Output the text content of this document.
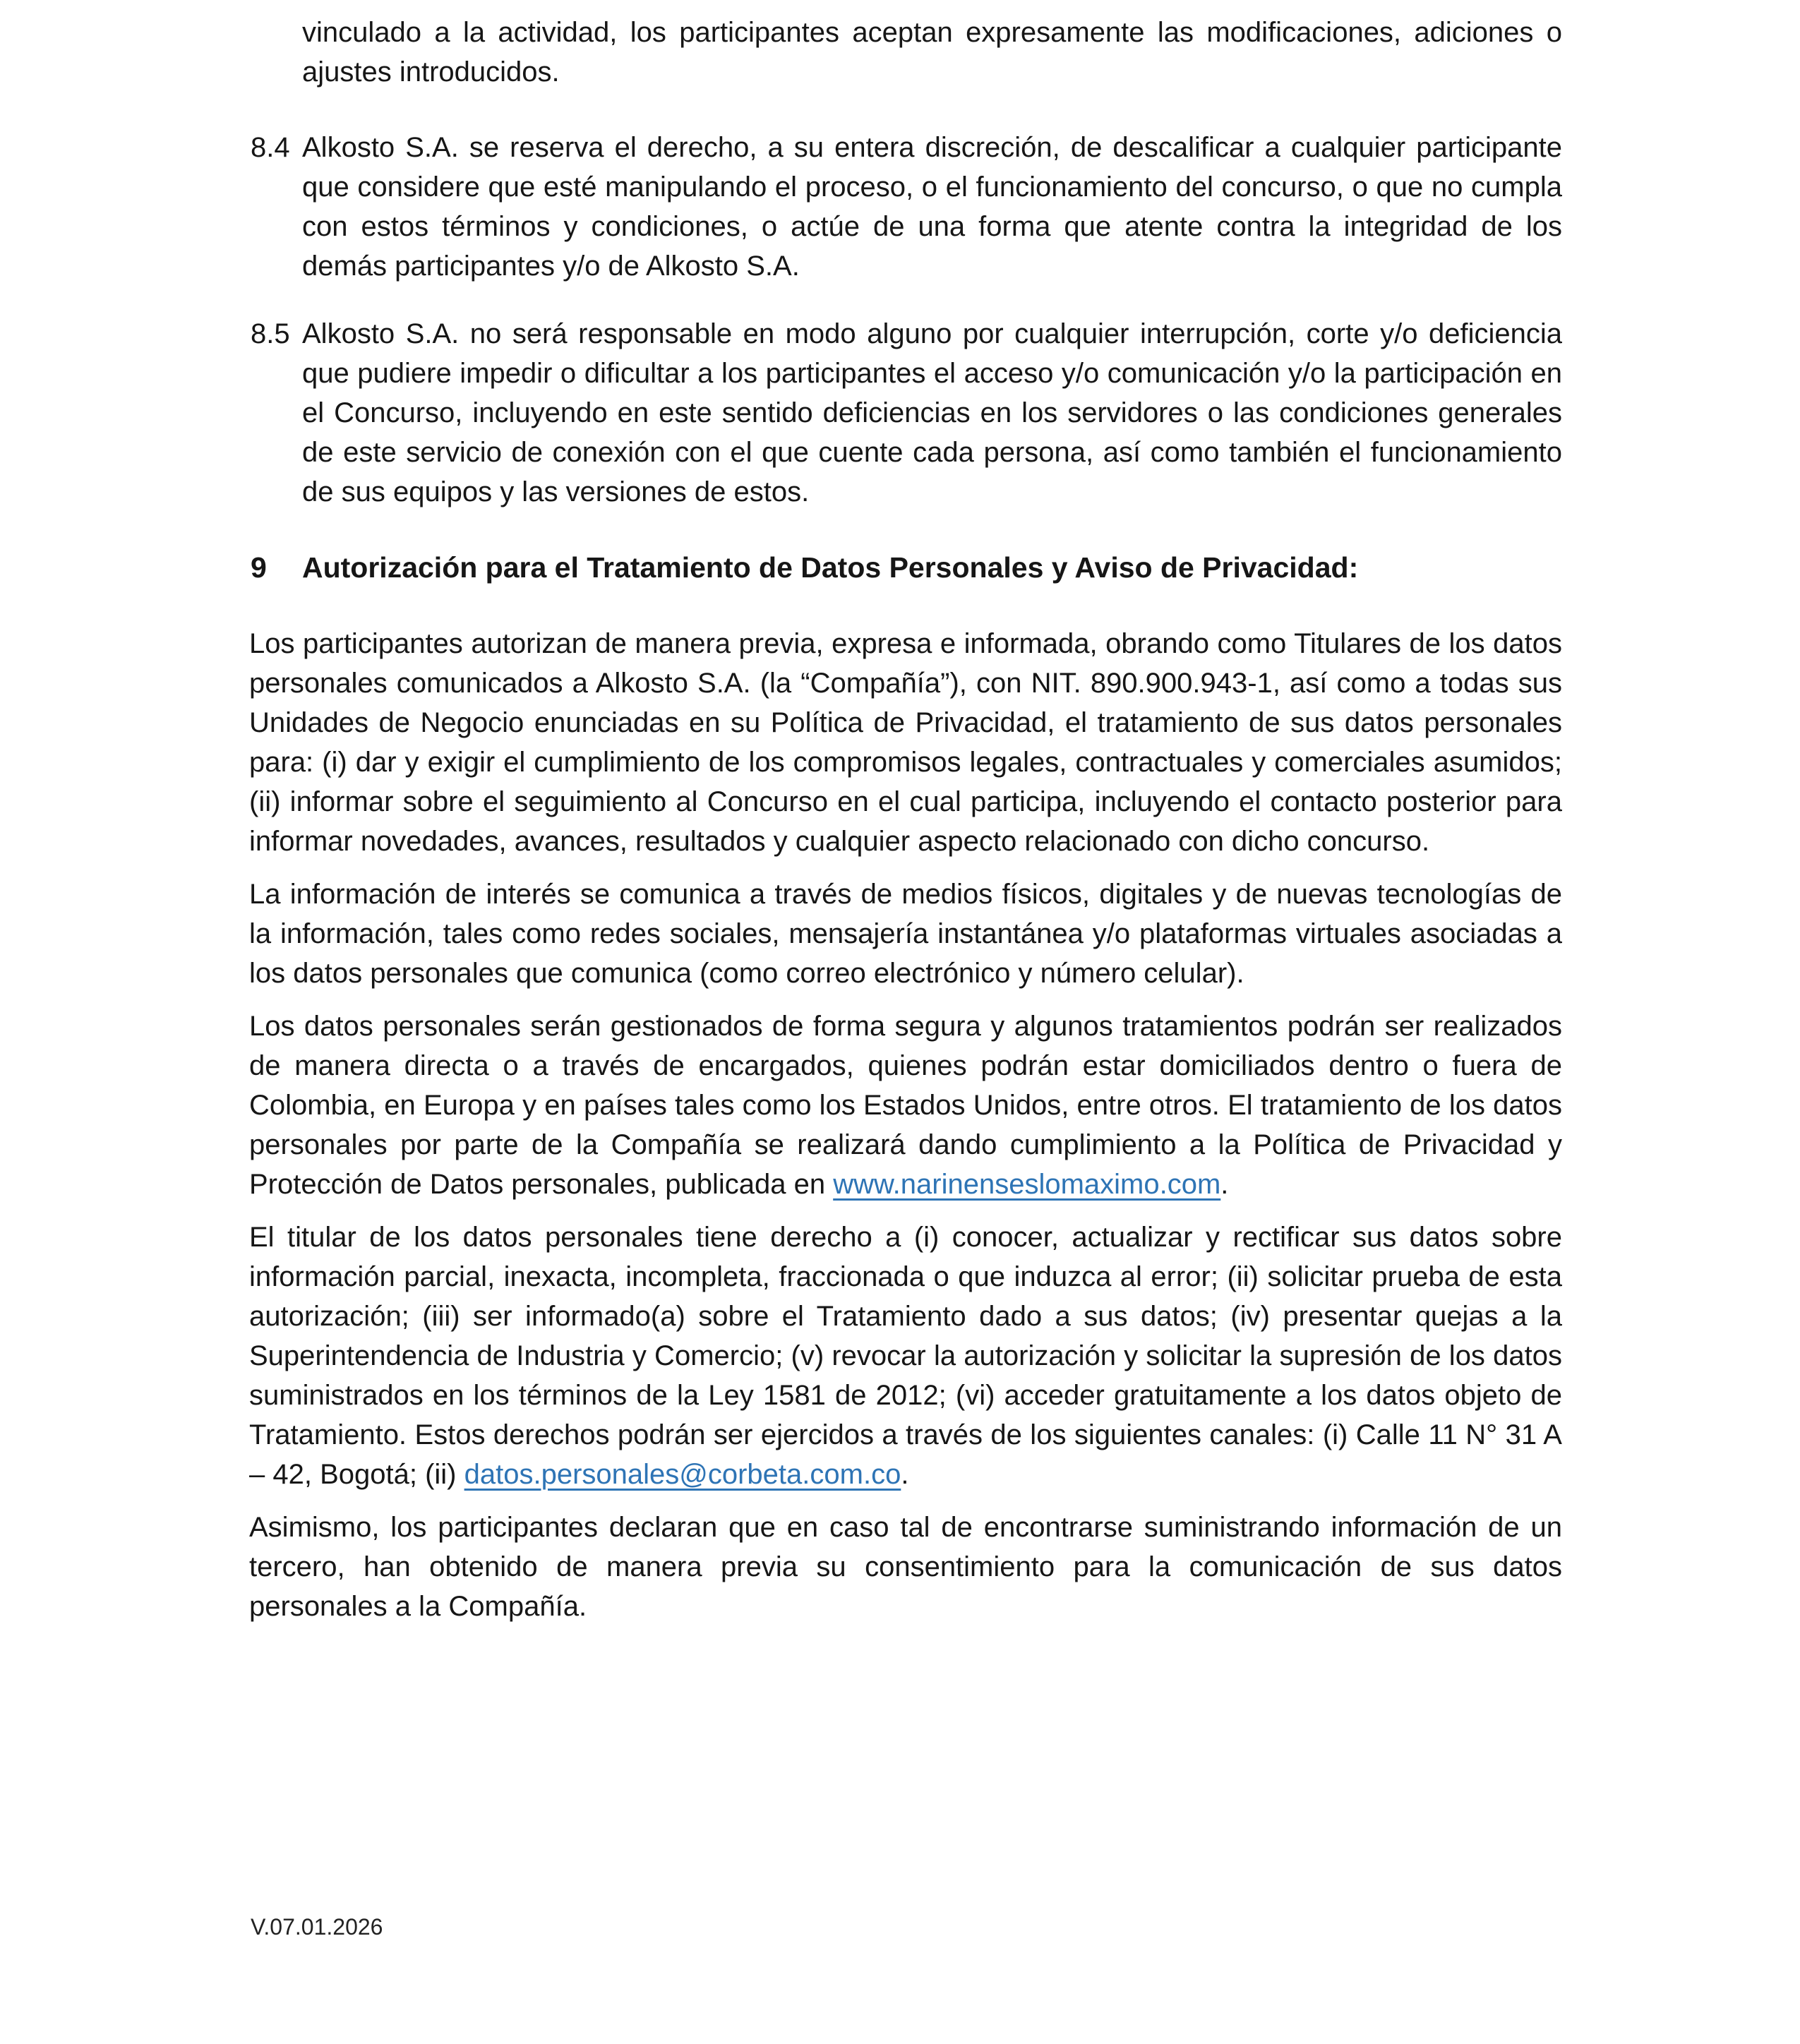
vinculado a la actividad, los participantes aceptan expresamente las modificaciones, adiciones o ajustes introducidos.

8.4 Alkosto S.A. se reserva el derecho, a su entera discreción, de descalificar a cualquier participante que considere que esté manipulando el proceso, o el funcionamiento del concurso, o que no cumpla con estos términos y condiciones, o actúe de una forma que atente contra la integridad de los demás participantes y/o de Alkosto S.A.

8.5 Alkosto S.A. no será responsable en modo alguno por cualquier interrupción, corte y/o deficiencia que pudiere impedir o dificultar a los participantes el acceso y/o comunicación y/o la participación en el Concurso, incluyendo en este sentido deficiencias en los servidores o las condiciones generales de este servicio de conexión con el que cuente cada persona, así como también el funcionamiento de sus equipos y las versiones de estos.

9 Autorización para el Tratamiento de Datos Personales y Aviso de Privacidad:

Los participantes autorizan de manera previa, expresa e informada, obrando como Titulares de los datos personales comunicados a Alkosto S.A. (la “Compañía”), con NIT. 890.900.943-1, así como a todas sus Unidades de Negocio enunciadas en su Política de Privacidad, el tratamiento de sus datos personales para: (i) dar y exigir el cumplimiento de los compromisos legales, contractuales y comerciales asumidos; (ii) informar sobre el seguimiento al Concurso en el cual participa, incluyendo el contacto posterior para informar novedades, avances, resultados y cualquier aspecto relacionado con dicho concurso.

La información de interés se comunica a través de medios físicos, digitales y de nuevas tecnologías de la información, tales como redes sociales, mensajería instantánea y/o plataformas virtuales asociadas a los datos personales que comunica (como correo electrónico y número celular).

Los datos personales serán gestionados de forma segura y algunos tratamientos podrán ser realizados de manera directa o a través de encargados, quienes podrán estar domiciliados dentro o fuera de Colombia, en Europa y en países tales como los Estados Unidos, entre otros. El tratamiento de los datos personales por parte de la Compañía se realizará dando cumplimiento a la Política de Privacidad y Protección de Datos personales, publicada en www.narinenseslomaximo.com.

El titular de los datos personales tiene derecho a (i) conocer, actualizar y rectificar sus datos sobre información parcial, inexacta, incompleta, fraccionada o que induzca al error; (ii) solicitar prueba de esta autorización; (iii) ser informado(a) sobre el Tratamiento dado a sus datos; (iv) presentar quejas a la Superintendencia de Industria y Comercio; (v) revocar la autorización y solicitar la supresión de los datos suministrados en los términos de la Ley 1581 de 2012; (vi) acceder gratuitamente a los datos objeto de Tratamiento. Estos derechos podrán ser ejercidos a través de los siguientes canales: (i) Calle 11 N° 31 A – 42, Bogotá; (ii) datos.personales@corbeta.com.co.

Asimismo, los participantes declaran que en caso tal de encontrarse suministrando información de un tercero, han obtenido de manera previa su consentimiento para la comunicación de sus datos personales a la Compañía.

V.07.01.2026
